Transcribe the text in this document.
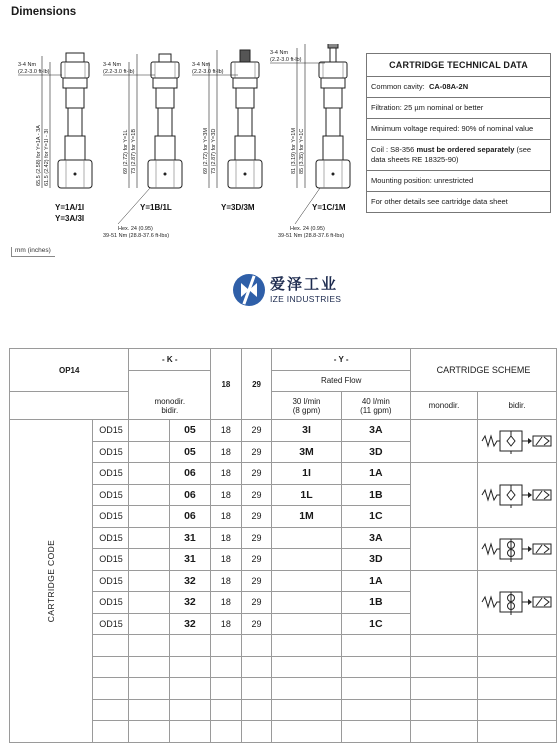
Dimensions
3-4 Nm
(2.2-3.0 ft-lb)
3-4 Nm
(2.2-3.0 ft-lb)
3-4 Nm
(2.2-3.0 ft-lb)
3-4 Nm
(2.2-3.0 ft-lb)
65.5 (2.58) for Y=1A - 3A 61.5 (2.42) for Y=1I - 3I	73 (2.87) for Y=1B
69 (2.72) for Y=1L	73 (2.87) for Y=3D
69 (2.72) for Y=3M	85 (3.35) for Y=1C
81 (3.19) for Y=1M
Hex. 24 (0.95)
39-51 Nm (28.8-37.6 ft-lbs)
Hex. 24 (0.95)
39-51 Nm (28.8-37.6 ft-lbs)
Y=1A/1I
Y=3A/3I
Y=1B/1L	Y=3D/3M	Y=1C/1M
mm (inches)
CARTRIDGE TECHNICAL DATA
Common cavity: CA-08A-2N
Filtration: 25 µm nominal or better
Minimum voltage required: 90% of nominal value
Coil : S8-356 must be ordered separately (see data sheets RE 18325-90)
Mounting position: unrestricted
For other details see cartridge data sheet
爱泽工业
IZE INDUSTRIES
OP14		- K -		18	29	- Y -		CARTRIDGE SCHEME	
		monodir.bidir.				Rated Flow			
						30 l/min
(8 gpm)	40 l/min
(11 gpm)	monodir.	bidir.
CARTRIDGE CODE	OD15		05	18	29	3I	3A		

	OD15		05	18	29	3M	3D		
	OD15		06	18	29	1I	1A		

	OD15		06	18	29	1L	1B		
	OD15		06	18	29	1M	1C		
	OD15		31	18	29		3A		

	OD15		31	18	29		3D		
	OD15		32	18	29		1A		

	OD15		32	18	29		1B		
	OD15		32	18	29		1C		
